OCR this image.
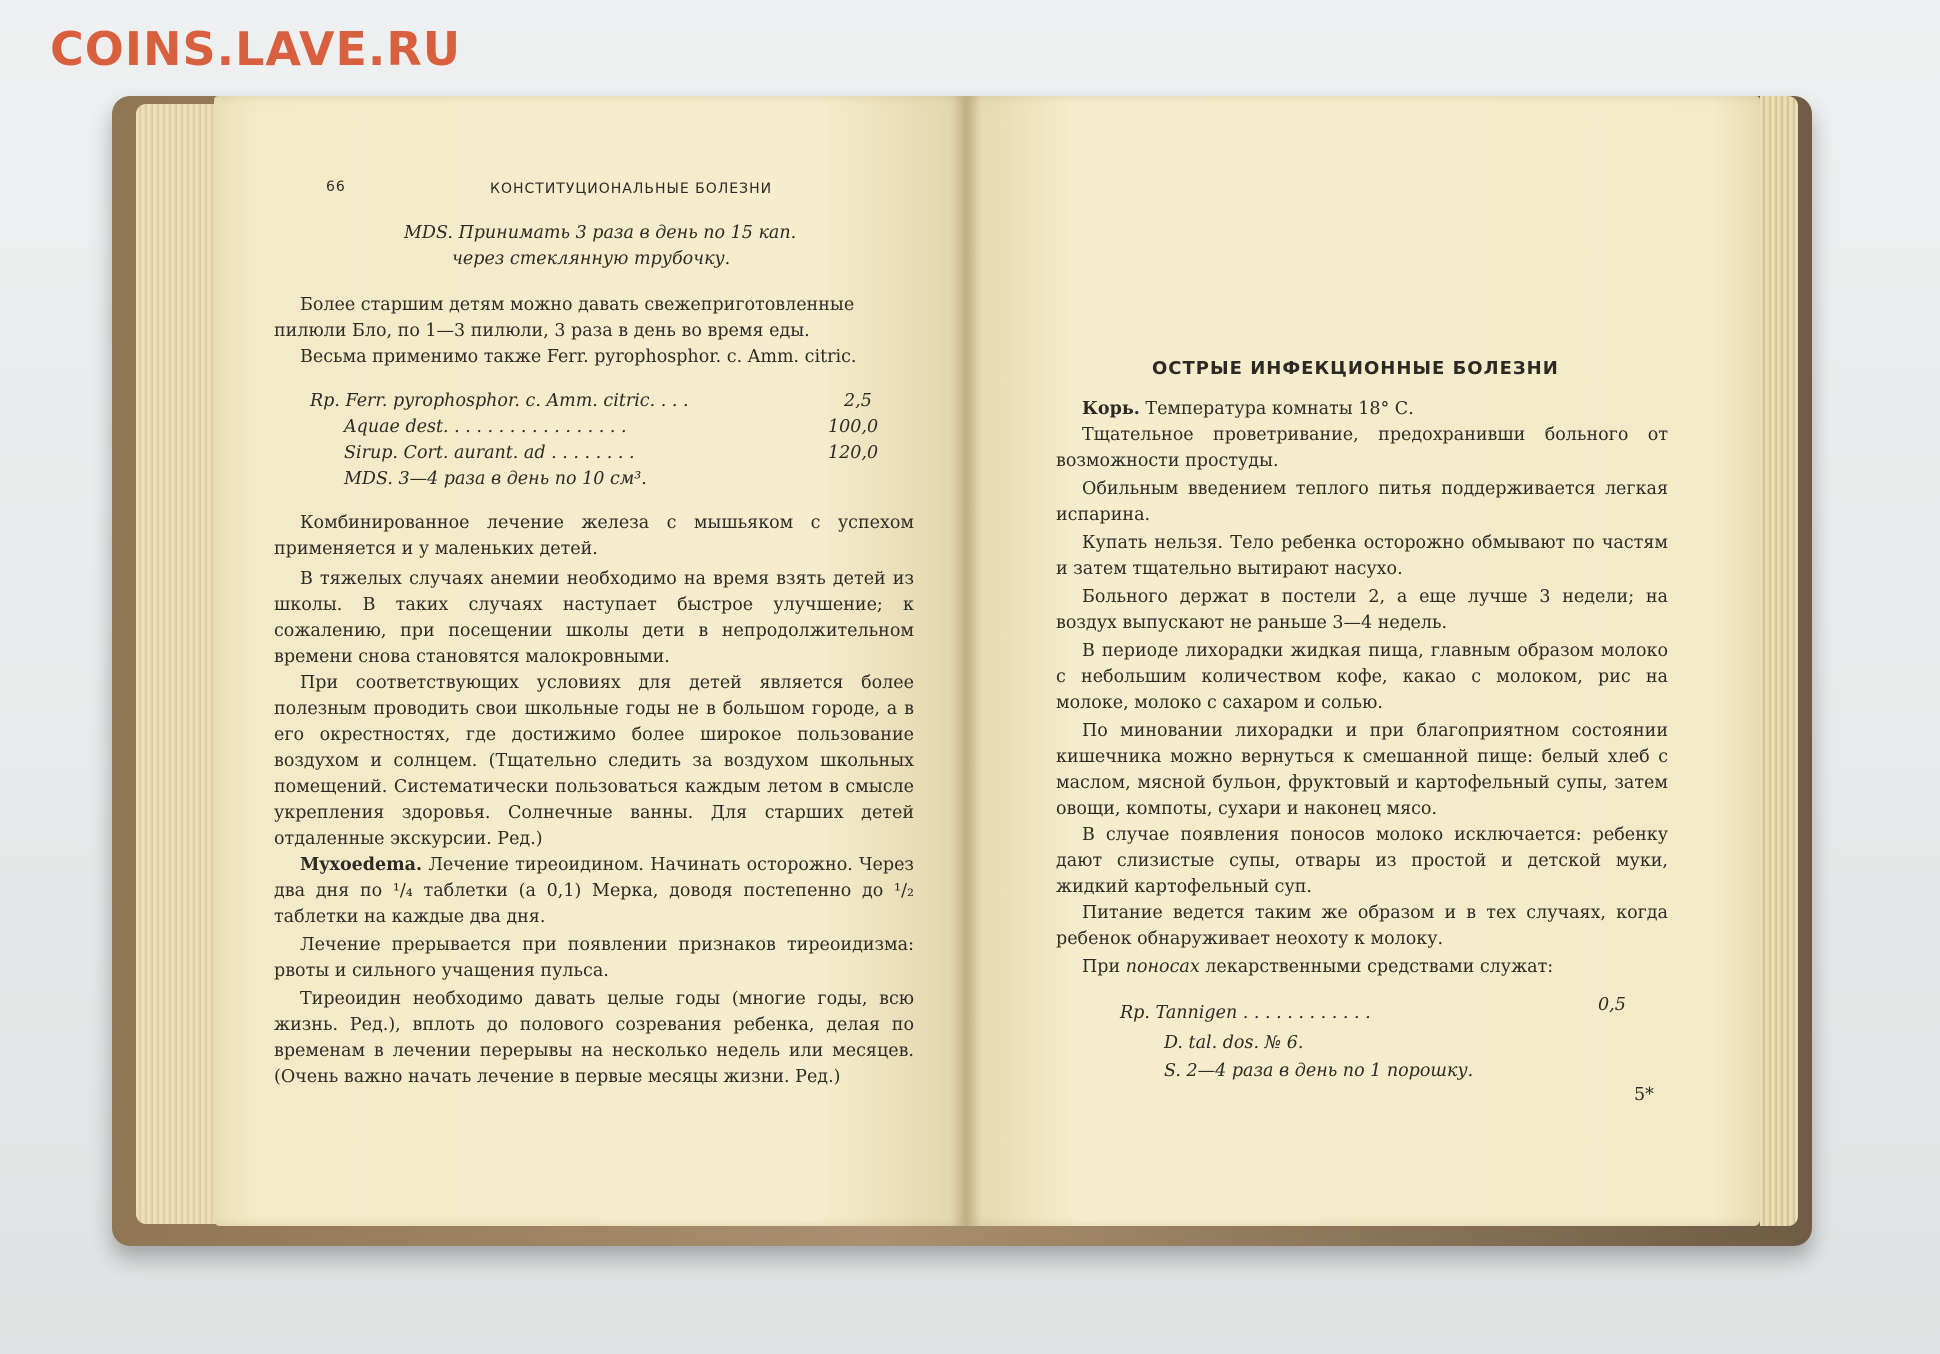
COINS.LAVE.RU
66	КОНСТИТУЦИОНАЛЬНЫЕ БОЛЕЗНИ
MDS. Принимать 3 раза в день по 15 кап.
через стеклянную трубочку.
Более старшим детям можно давать свежеприготовленные
пилюли Бло, по 1—3 пилюли, 3 раза в день во время еды.
Весьма применимо также Ferr. pyrophosphor. c. Amm. citric.
Rp. Ferr. pyrophosphor. c. Amm. citric. . . .	2,5
Aquae dest. . . . . . . . . . . . . . . . .	100,0
Sirup. Cort. aurant. ad . . . . . . . .	120,0
MDS. 3—4 раза в день по 10 см³.

Комбинированное лечение железа с мышьяком с успехом применяется и у маленьких детей.

В тяжелых случаях анемии необходимо на время взять детей из школы. В таких случаях наступает быстрое улучшение; к сожалению, при посещении школы дети в непродолжительном времени снова становятся малокровными.

При соответствующих условиях для детей является более полезным проводить свои школьные годы не в большом городе, а в его окрестностях, где достижимо более широкое пользование воздухом и солнцем. (Тщательно следить за воздухом школьных помещений. Систематически пользоваться каждым летом в смысле укрепления здоровья. Солнечные ванны. Для старших детей отдаленные экскурсии. Ред.)

Myxoedema. Лечение тиреоидином. Начинать осторожно. Через два дня по ¹/₄ таблетки (а 0,1) Мерка, доводя постепенно до ¹/₂ таблетки на каждые два дня.

Лечение прерывается при появлении признаков тиреоидизма: рвоты и сильного учащения пульса.

Тиреоидин необходимо давать целые годы (многие годы, всю жизнь. Ред.), вплоть до полового созревания ребенка, делая по временам в лечении перерывы на несколько недель или месяцев. (Очень важно начать лечение в первые месяцы жизни. Ред.)

ОСТРЫЕ ИНФЕКЦИОННЫЕ БОЛЕЗНИ

Корь. Температура комнаты 18° С.

Тщательное проветривание, предохранивши больного от возможности простуды.

Обильным введением теплого питья поддерживается легкая испарина.

Купать нельзя. Тело ребенка осторожно обмывают по частям и затем тщательно вытирают насухо.

Больного держат в постели 2, а еще лучше 3 недели; на воздух выпускают не раньше 3—4 недель.

В периоде лихорадки жидкая пища, главным образом молоко с небольшим количеством кофе, какао с молоком, рис на молоке, молоко с сахаром и солью.

По миновании лихорадки и при благоприятном состоянии кишечника можно вернуться к смешанной пище: белый хлеб с маслом, мясной бульон, фруктовый и картофельный супы, затем овощи, компоты, сухари и наконец мясо.

В случае появления поносов молоко исключается: ребенку дают слизистые супы, отвары из простой и детской муки, жидкий картофельный суп.

Питание ведется таким же образом и в тех случаях, когда ребенок обнаруживает неохоту к молоку.

При поносах лекарственными средствами служат:
Rp. Tannigen . . . . . . . . . . . .	0,5
D. tal. dos. № 6.
S. 2—4 раза в день по 1 порошку.
5*
